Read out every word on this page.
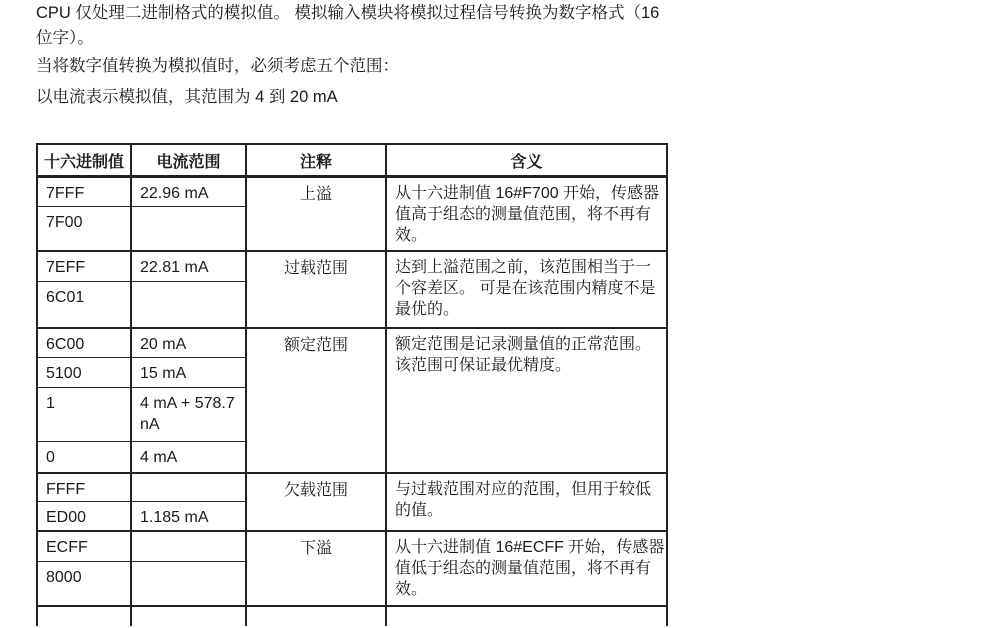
CPU 仅处理二进制格式的模拟值。 模拟输入模块将模拟过程信号转换为数字格式（16 位字）。

当将数字值转换为模拟值时，必须考虑五个范围：

以电流表示模拟值，其范围为 4 到 20 mA

十六进制值	电流范围	注释	含义
7FFF	22.96 mA	上溢	从十六进制值 16#F700 开始，传感器值高于组态的测量值范围，将不再有效。
7F00			
7EFF	22.81 mA	过载范围	达到上溢范围之前，该范围相当于一个容差区。 可是在该范围内精度不是最优的。
6C01			
6C00	20 mA	额定范围	额定范围是记录测量值的正常范围。 该范围可保证最优精度。
5100	15 mA		
1	4 mA + 578.7 nA		
0	4 mA		
FFFF		欠载范围	与过载范围对应的范围，但用于较低的值。
ED00	1.185 mA		
ECFF		下溢	从十六进制值 16#ECFF 开始，传感器值低于组态的测量值范围，将不再有效。
8000			
